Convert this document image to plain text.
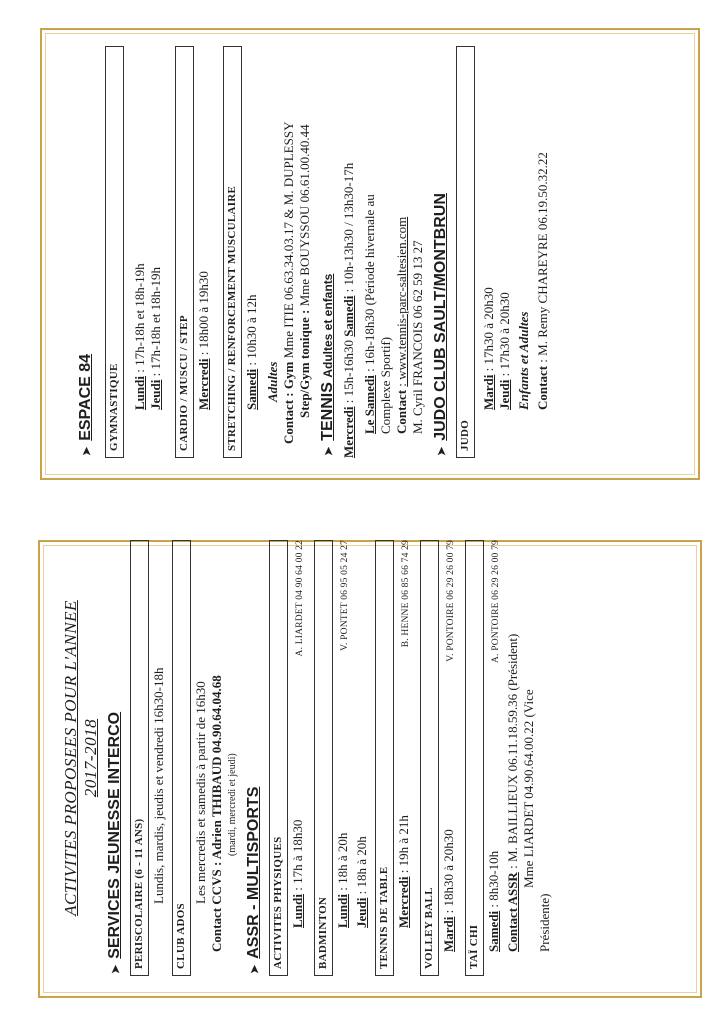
ACTIVITES PROPOSEES POUR L'ANNEE 2017-2018
➤SERVICES JEUNESSE INTERCO PERISCOLAIRE (6 - 11 ANS) Lundis, mardis, jeudis et vendredi 16h30-18h
CLUB ADOS
Les mercredis et samedis à partir de 16h30 Contact CCVS : Adrien THIBAUD 04.90.64.04.68 (mardi, mercredi et jeudi)
➤ASSR - MULTISPORTS ACTIVITES PHYSIQUES Lundi : 17h à 18h30
A. LIARDET 04 90 64 00 22
BADMINTON Lundi : 18h à 20h
V. PONTET 06 95 05 24 27
Jeudi : 18h à 20h TENNIS DE TABLE Mercredi : 19h à 21h
B. HENNE 06 85 66 74 29
VOLLEY BALL Mardi : 18h30 à 20h30
V. PONTOIRE 06 29 26 00 79
TAÏ CHI Samedi : 8h30-10h
A. PONTOIRE 06 29 26 00 79
Contact ASSR : M. BAILLIEUX 06.11.18.59.36 (Président) Mme LIARDET 04.90.64.00.22 (Vice
Présidente)
➤ESPACE 84 GYMNASTIQUE Lundi : 17h-18h et 18h-19h
Jeudi : 17h-18h et 18h-19h CARDIO / MUSCU / STEP Mercredi : 18h00 à 19h30 STRETCHING / RENFORCEMENT MUSCULAIRE Samedi : 10h30 à 12h
Adultes Contact : Gym Mme ITIE 06.63.34.03.17 & M. DUPLESSY
Step/Gym tonique : Mme BOUYSSOU 06.61.00.40.44
➤TENNIS Adultes et enfants
Mercredi : 15h-16h30 Samedi : 10h-13h30 / 13h30-17h
Le Samedi : 16h-18h30 (Période hivernale au
Complexe Sportif) Contact : www.tennis-parc-saltesien.com M. Cyril FRANCOIS 06 62 59 13 27
➤JUDO CLUB SAULT/MONTBRUN JUDO
Mardi : 17h30 à 20h30
Jeudi : 17h30 à 20h30 Enfants et Adultes Contact : M. Remy CHAREYRE 06.19.50.32.22
